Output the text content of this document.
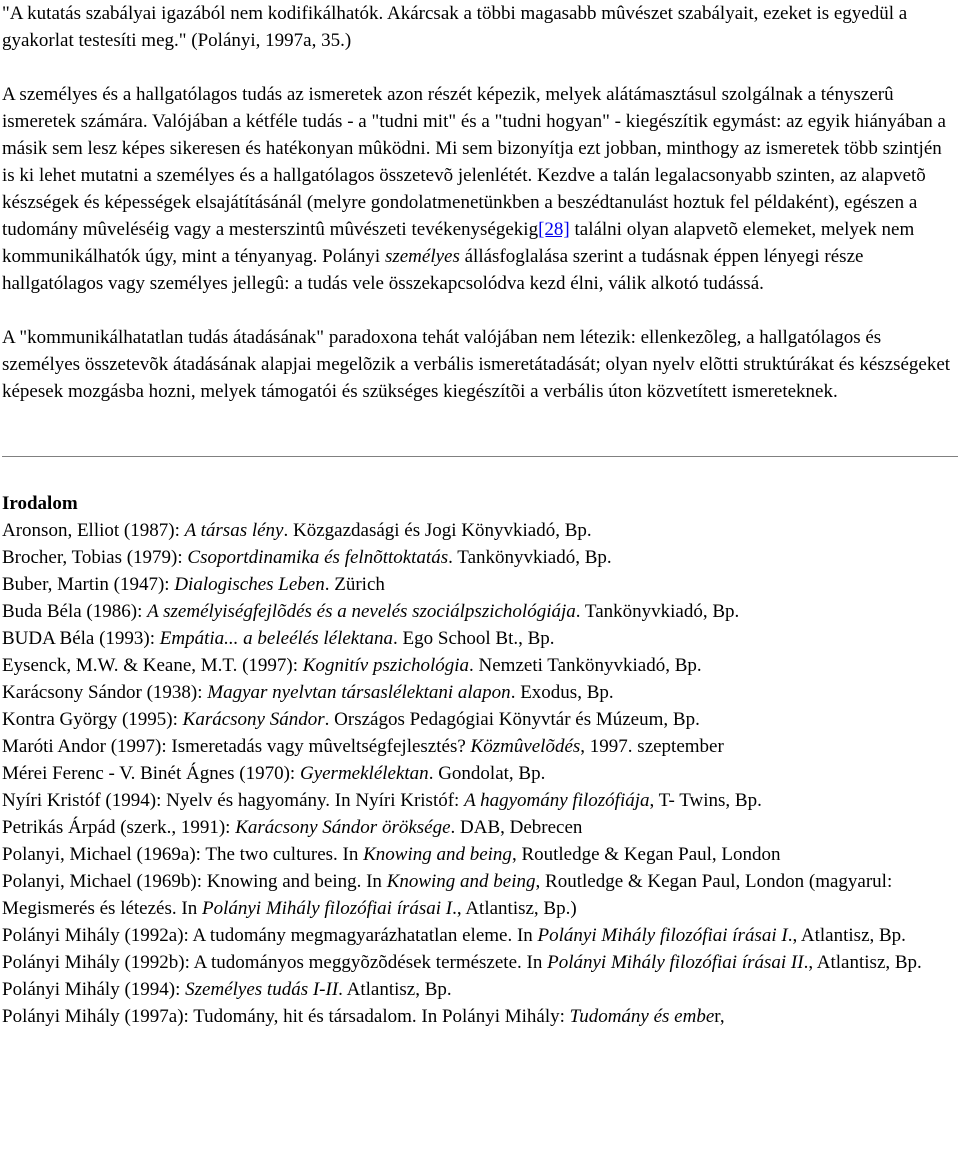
"A kutatás szabályai igazából nem kodifikálhatók. Akárcsak a többi magasabb mûvészet szabályait, ezeket is egyedül a gyakorlat testesíti meg." (Polányi, 1997a, 35.)

A személyes és a hallgatólagos tudás az ismeretek azon részét képezik, melyek alátámasztásul szolgálnak a tényszerû ismeretek számára. Valójában a kétféle tudás - a "tudni mit" és a "tudni hogyan" - kiegészítik egymást: az egyik hiányában a másik sem lesz képes sikeresen és hatékonyan mûködni. Mi sem bizonyítja ezt jobban, minthogy az ismeretek több szintjén is ki lehet mutatni a személyes és a hallgatólagos összetevõ jelenlétét. Kezdve a talán legalacsonyabb szinten, az alapvetõ készségek és képességek elsajátításánál (melyre gondolatmenetünkben a beszédtanulást hoztuk fel példaként), egészen a tudomány mûveléséig vagy a mesterszintû mûvészeti tevékenységekig[28] találni olyan alapvetõ elemeket, melyek nem kommunikálhatók úgy, mint a tényanyag. Polányi személyes állásfoglalása szerint a tudásnak éppen lényegi része hallgatólagos vagy személyes jellegû: a tudás vele összekapcsolódva kezd élni, válik alkotó tudássá.

A "kommunikálhatatlan tudás átadásának" paradoxona tehát valójában nem létezik: ellenkezõleg, a hallgatólagos és személyes összetevõk átadásának alapjai megelõzik a verbális ismeretátadását; olyan nyelv elõtti struktúrákat és készségeket képesek mozgásba hozni, melyek támogatói és szükséges kiegészítõi a verbális úton közvetített ismereteknek.

Irodalom

Aronson, Elliot (1987): A társas lény. Közgazdasági és Jogi Könyvkiadó, Bp.

Brocher, Tobias (1979): Csoportdinamika és felnõttoktatás. Tankönyvkiadó, Bp.

Buber, Martin (1947): Dialogisches Leben. Zürich

Buda Béla (1986): A személyiségfejlõdés és a nevelés szociálpszichológiája. Tankönyvkiadó, Bp.

BUDA Béla (1993): Empátia... a beleélés lélektana. Ego School Bt., Bp.

Eysenck, M.W. & Keane, M.T. (1997): Kognitív pszichológia. Nemzeti Tankönyvkiadó, Bp.

Karácsony Sándor (1938): Magyar nyelvtan társaslélektani alapon. Exodus, Bp.

Kontra György (1995): Karácsony Sándor. Országos Pedagógiai Könyvtár és Múzeum, Bp.

Maróti Andor (1997): Ismeretadás vagy mûveltségfejlesztés? Közmûvelõdés, 1997. szeptember

Mérei Ferenc - V. Binét Ágnes (1970): Gyermeklélektan. Gondolat, Bp.

Nyíri Kristóf (1994): Nyelv és hagyomány. In Nyíri Kristóf: A hagyomány filozófiája, T- Twins, Bp.

Petrikás Árpád (szerk., 1991): Karácsony Sándor öröksége. DAB, Debrecen

Polanyi, Michael (1969a): The two cultures. In Knowing and being, Routledge & Kegan Paul, London

Polanyi, Michael (1969b): Knowing and being. In Knowing and being, Routledge & Kegan Paul, London (magyarul: Megismerés és létezés. In Polányi Mihály filozófiai írásai I., Atlantisz, Bp.)

Polányi Mihály (1992a): A tudomány megmagyarázhatatlan eleme. In Polányi Mihály filozófiai írásai I., Atlantisz, Bp.

Polányi Mihály (1992b): A tudományos meggyõzõdések természete. In Polányi Mihály filozófiai írásai II., Atlantisz, Bp.

Polányi Mihály (1994): Személyes tudás I-II. Atlantisz, Bp.

Polányi Mihály (1997a): Tudomány, hit és társadalom. In Polányi Mihály: Tudomány és ember,
